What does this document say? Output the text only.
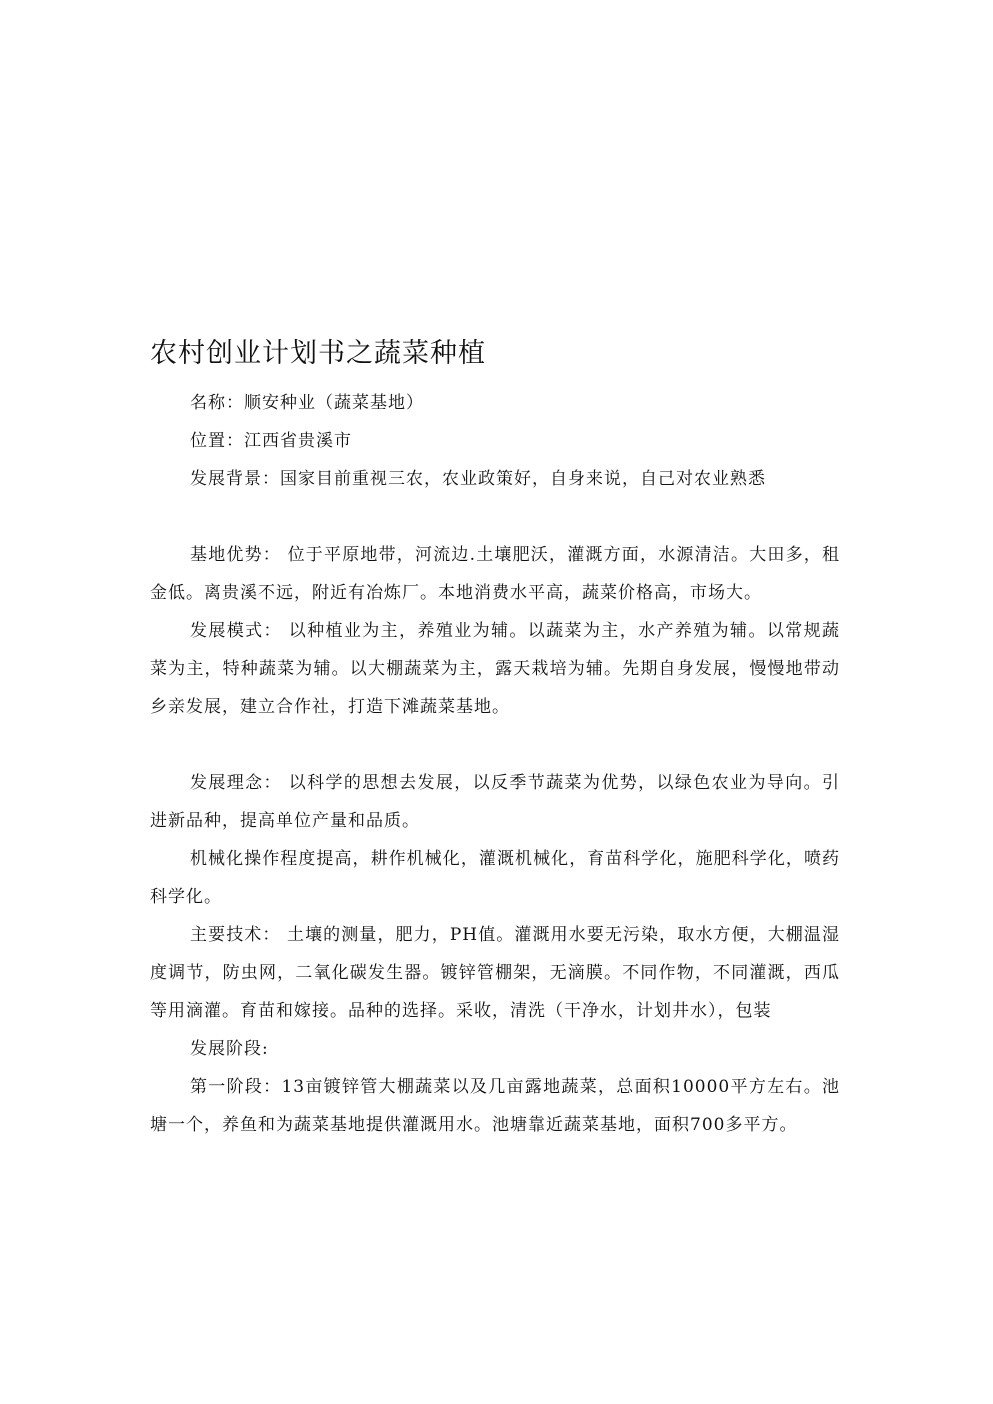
农村创业计划书之蔬菜种植

名称：顺安种业（蔬菜基地）

位置：江西省贵溪市

发展背景：国家目前重视三农，农业政策好，自身来说，自己对农业熟悉

基地优势： 位于平原地带，河流边.土壤肥沃，灌溉方面，水源清洁。大田多，租金低。离贵溪不远，附近有冶炼厂。本地消费水平高，蔬菜价格高，市场大。

发展模式： 以种植业为主，养殖业为辅。以蔬菜为主，水产养殖为辅。以常规蔬菜为主，特种蔬菜为辅。以大棚蔬菜为主，露天栽培为辅。先期自身发展，慢慢地带动乡亲发展，建立合作社，打造下滩蔬菜基地。

发展理念： 以科学的思想去发展，以反季节蔬菜为优势，以绿色农业为导向。引进新品种，提高单位产量和品质。

机械化操作程度提高，耕作机械化，灌溉机械化，育苗科学化，施肥科学化，喷药科学化。

主要技术： 土壤的测量，肥力，PH值。灌溉用水要无污染，取水方便，大棚温湿度调节，防虫网，二氧化碳发生器。镀锌管棚架，无滴膜。不同作物，不同灌溉，西瓜等用滴灌。育苗和嫁接。品种的选择。采收，清洗（干净水，计划井水），包装

发展阶段:

第一阶段：13亩镀锌管大棚蔬菜以及几亩露地蔬菜，总面积10000平方左右。池塘一个，养鱼和为蔬菜基地提供灌溉用水。池塘靠近蔬菜基地，面积700多平方。
